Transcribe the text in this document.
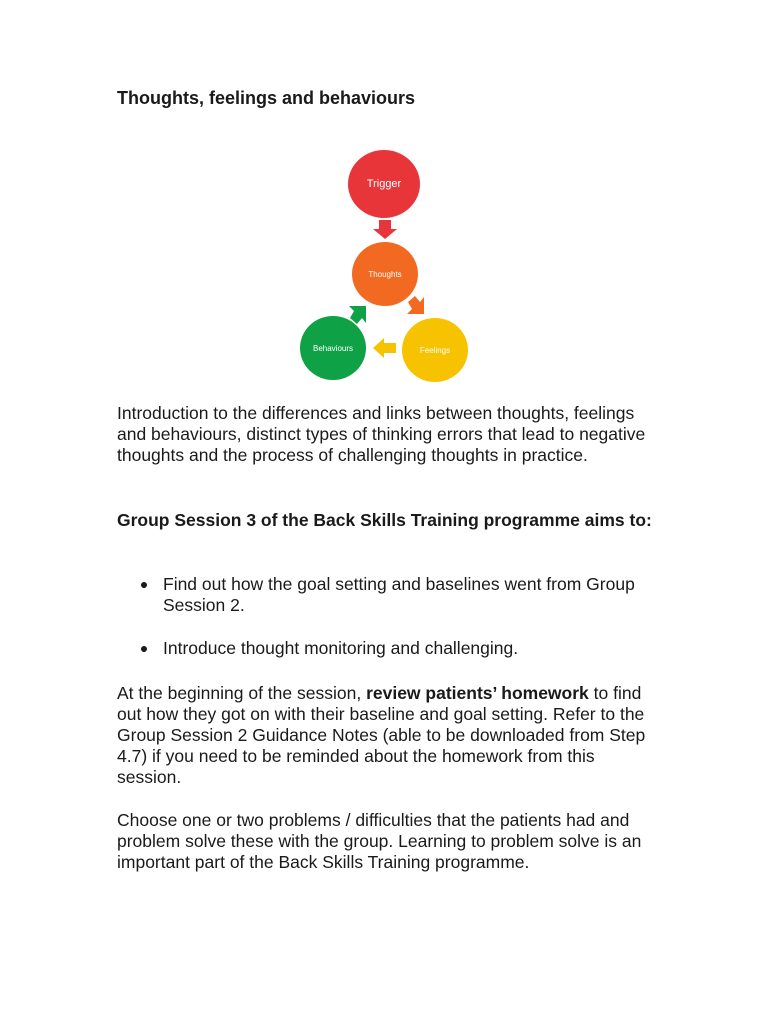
Thoughts, feelings and behaviours
Trigger
Thoughts
Behaviours	Feelings

Introduction to the differences and links between thoughts, feelings and behaviours, distinct types of thinking errors that lead to negative thoughts and the process of challenging thoughts in practice.

Group Session 3 of the Back Skills Training programme aims to:

Find out how the goal setting and baselines went from Group Session 2.
Introduce thought monitoring and challenging.

At the beginning of the session, review patients’ homework to find out how they got on with their baseline and goal setting. Refer to the Group Session 2 Guidance Notes (able to be downloaded from Step 4.7) if you need to be reminded about the homework from this session.

Choose one or two problems / difficulties that the patients had and problem solve these with the group. Learning to problem solve is an important part of the Back Skills Training programme.
